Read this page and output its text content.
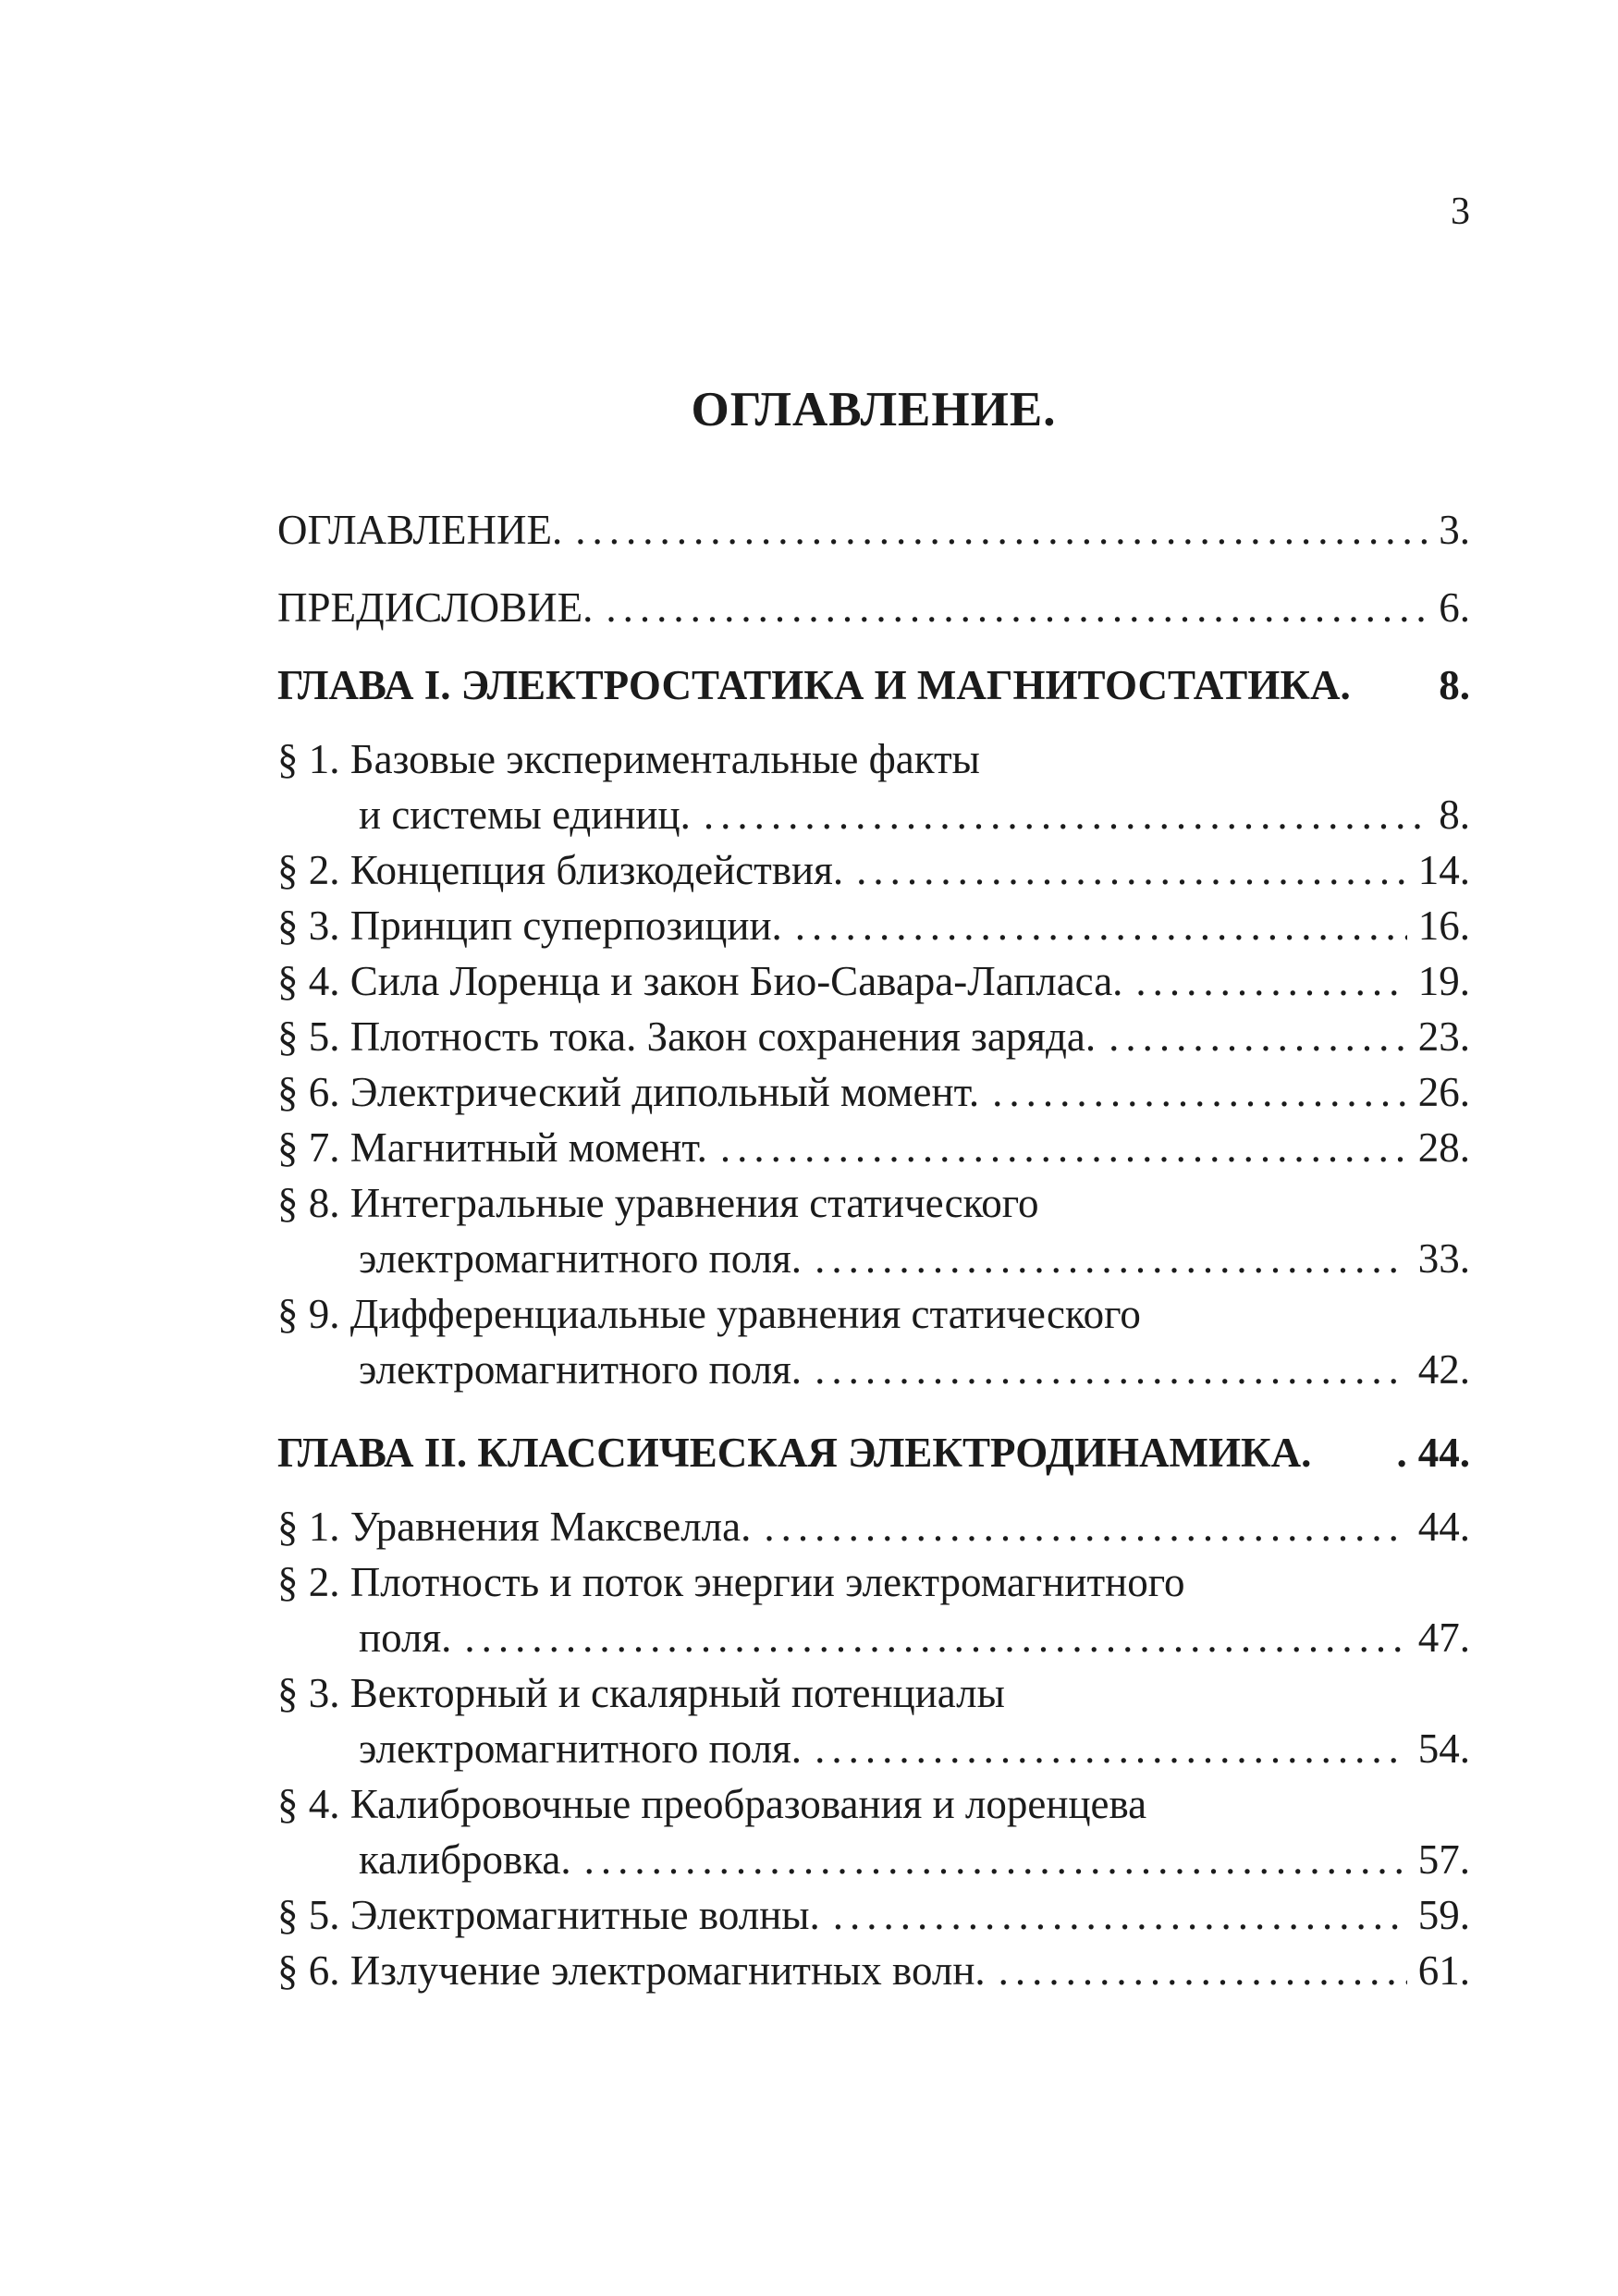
3
ОГЛАВЛЕНИЕ.
ОГЛАВЛЕНИЕ. .....	3.
ПРЕДИСЛОВИЕ. .....	6.
ГЛАВА I. ЭЛЕКТРОСТАТИКА И МАГНИТОСТАТИКА. 8.
§ 1. Базовые экспериментальные факты
и системы единиц. .....	8.
§ 2. Концепция близкодействия. .....	14.
§ 3. Принцип суперпозиции. .....	16.
§ 4. Сила Лоренца и закон Био-Савара-Лапласа. .....	19.
§ 5. Плотность тока. Закон сохранения заряда. .....	23.
§ 6. Электрический дипольный момент. .....	26.
§ 7. Магнитный момент. .....	28.
§ 8. Интегральные уравнения статического
электромагнитного поля. .....	33.
§ 9. Дифференциальные уравнения статического
электромагнитного поля. .....	42.
ГЛАВА II. КЛАССИЧЕСКАЯ ЭЛЕКТРОДИНАМИКА. .	44.
§ 1. Уравнения Максвелла. .....	44.
§ 2. Плотность и поток энергии электромагнитного
поля. .....	47.
§ 3. Векторный и скалярный потенциалы
электромагнитного поля. .....	54.
§ 4. Калибровочные преобразования и лоренцева
калибровка. .....	57.
§ 5. Электромагнитные волны. .....	59.
§ 6. Излучение электромагнитных волн. .....	61.
